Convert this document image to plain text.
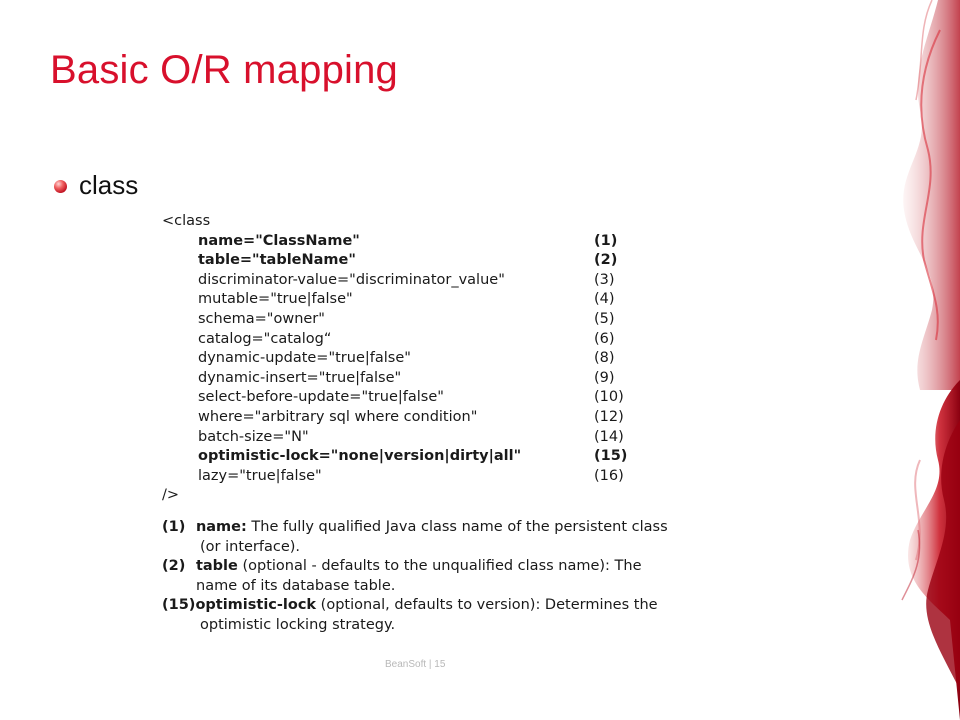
Basic O/R mapping
class
<class
name="ClassName"	(1)
table="tableName"	(2)
discriminator-value="discriminator_value"	(3)
mutable="true|false"	(4)
schema="owner"	(5)
catalog="catalog“	(6)
dynamic-update="true|false"	(8)
dynamic-insert="true|false"	(9)
select-before-update="true|false"	(10)
where="arbitrary sql where condition"	(12)
batch-size="N"	(14)
optimistic-lock="none|version|dirty|all"	(15)
lazy="true|false"	(16)
/>
(1) name: The fully qualified Java class name of the persistent class
(or interface).
(2) table (optional - defaults to the unqualified class name): The
name of its database table.
(15)optimistic-lock (optional, defaults to version): Determines the
optimistic locking strategy.
BeanSoft | 15
